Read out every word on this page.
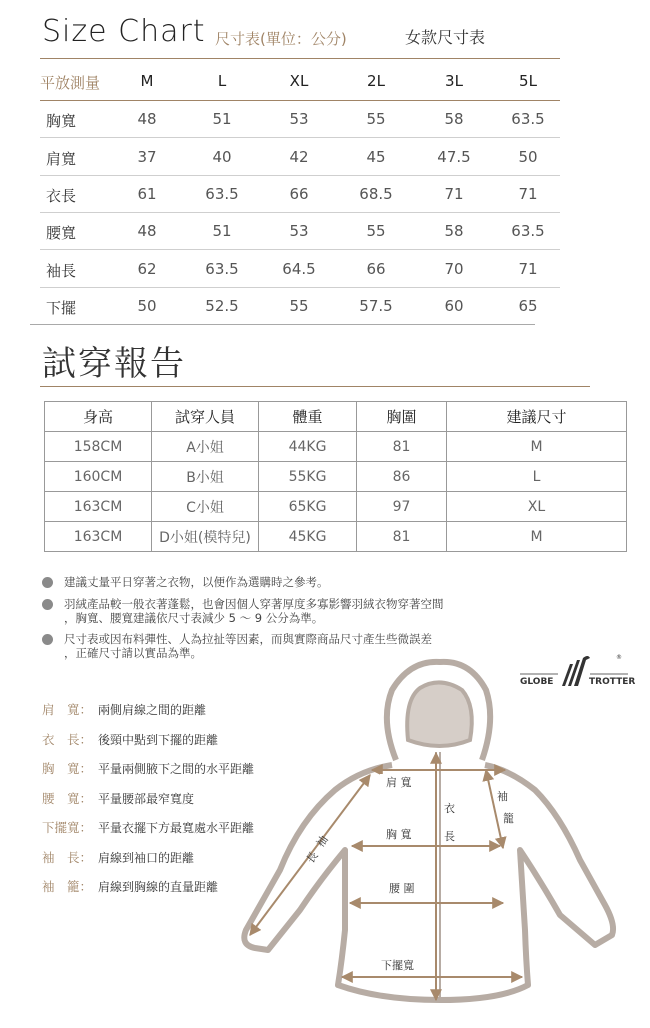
Size Chart 尺寸表(單位：公分)	女款尺寸表
平放測量	M	L	XL	2L	3L	5L
胸寬	48	51	53	55	58	63.5
肩寬	37	40	42	45	47.5	50
衣長	61	63.5	66	68.5	71	71
腰寬	48	51	53	55	58	63.5
袖長	62	63.5	64.5	66	70	71
下擺	50	52.5	55	57.5	60	65
試穿報告
身高	試穿人員	體重	胸圍	建議尺寸
158CM	A小姐	44KG	81	M
160CM	B小姐	55KG	86	L
163CM	C小姐	65KG	97	XL
163CM	D小姐(模特兒)	45KG	81	M
建議丈量平日穿著之衣物，以便作為選購時之參考。
羽絨產品較一般衣著蓬鬆，也會因個人穿著厚度多寡影響羽絨衣物穿著空間
，胸寬、腰寬建議依尺寸表減少 5 ～ 9 公分為準。
尺寸表或因布料彈性、人為拉扯等因素，而與實際商品尺寸產生些微誤差
，正確尺寸請以實品為準。
GLOBE	TROTTER
®
肩　寬： 兩側肩線之間的距離
衣　長： 後頸中點到下擺的距離
胸　寬： 平量兩側腋下之間的水平距離
腰　寬： 平量腰部最窄寬度
下擺寬： 平量衣擺下方最寬處水平距離
袖　長： 肩線到袖口的距離
袖　籠： 肩線到胸線的直量距離
肩 寬
胸 寬
腰 圍
下擺寬
衣
長
袖
籠
袖
長
